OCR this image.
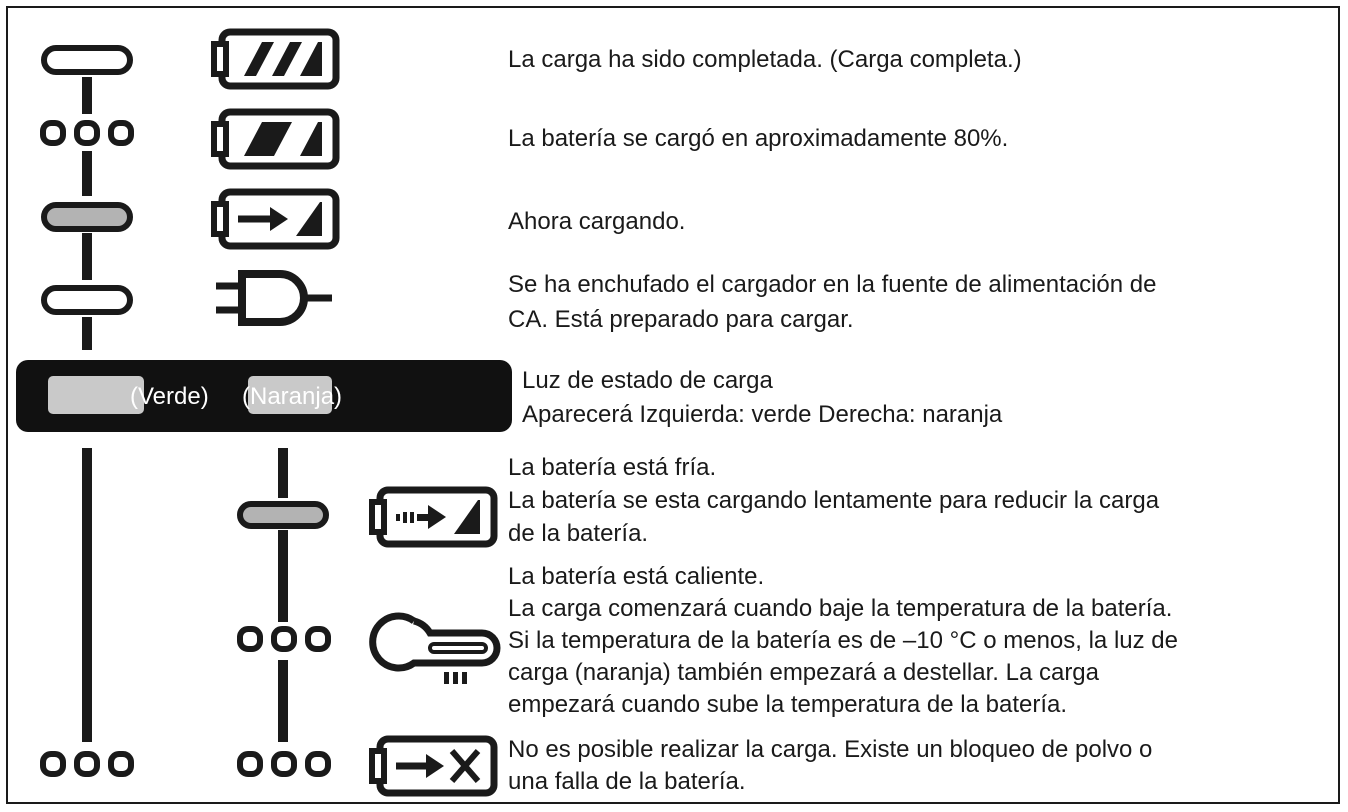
(Verde) (Naranja)
La carga ha sido completada. (Carga completa.)
La batería se cargó en aproximadamente 80%.
Ahora cargando.
Se ha enchufado el cargador en la fuente de alimentación de
CA. Está preparado para cargar.
Luz de estado de carga
Aparecerá Izquierda: verde Derecha: naranja
La batería está fría.
La batería se esta cargando lentamente para reducir la carga
de la batería.
La batería está caliente.
La carga comenzará cuando baje la temperatura de la batería.
Si la temperatura de la batería es de –10 °C o menos, la luz de
carga (naranja) también empezará a destellar. La carga
empezará cuando sube la temperatura de la batería.
No es posible realizar la carga. Existe un bloqueo de polvo o
una falla de la batería.
